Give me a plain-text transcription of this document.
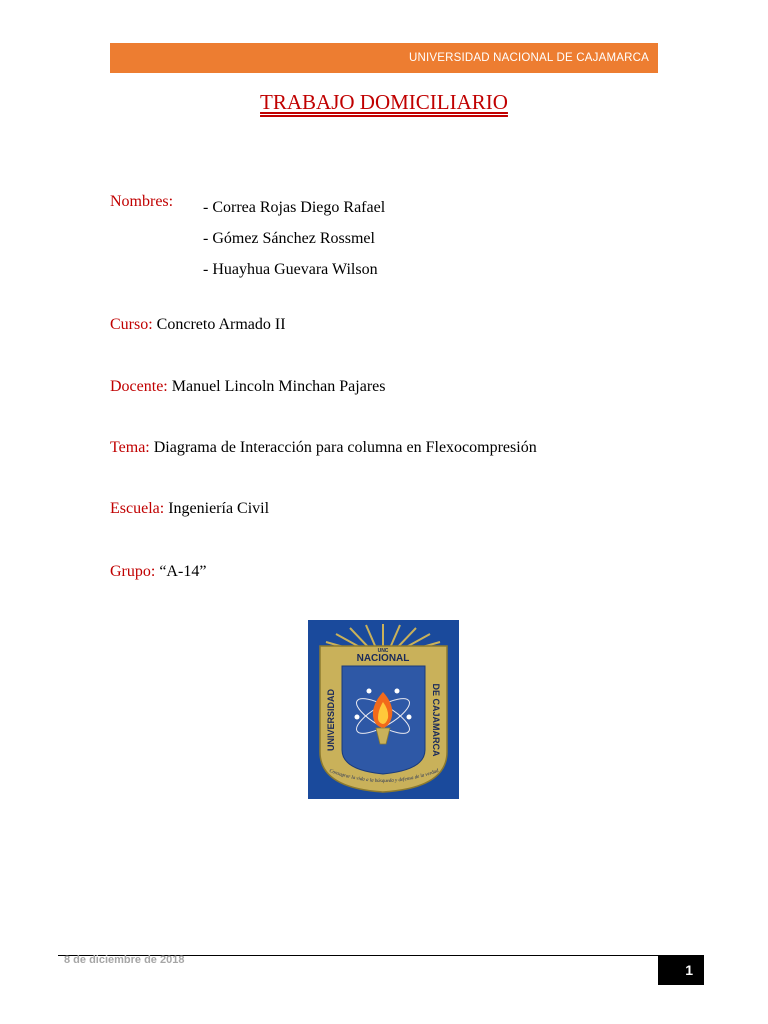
UNIVERSIDAD NACIONAL DE CAJAMARCA
TRABAJO DOMICILIARIO
Nombres: - Correa Rojas Diego Rafael
- Gómez Sánchez Rossmel
- Huayhua Guevara Wilson
Curso: Concreto Armado II
Docente: Manuel Lincoln Minchan Pajares
Tema: Diagrama de Interacción para columna en Flexocompresión
Escuela: Ingeniería Civil
Grupo: “A-14”
UNC
NACIONAL
UNIVERSIDAD
DE CAJAMARCA
Consagrar la vida a la búsqueda y defensa de la verdad
8 de diciembre de 2018
1
